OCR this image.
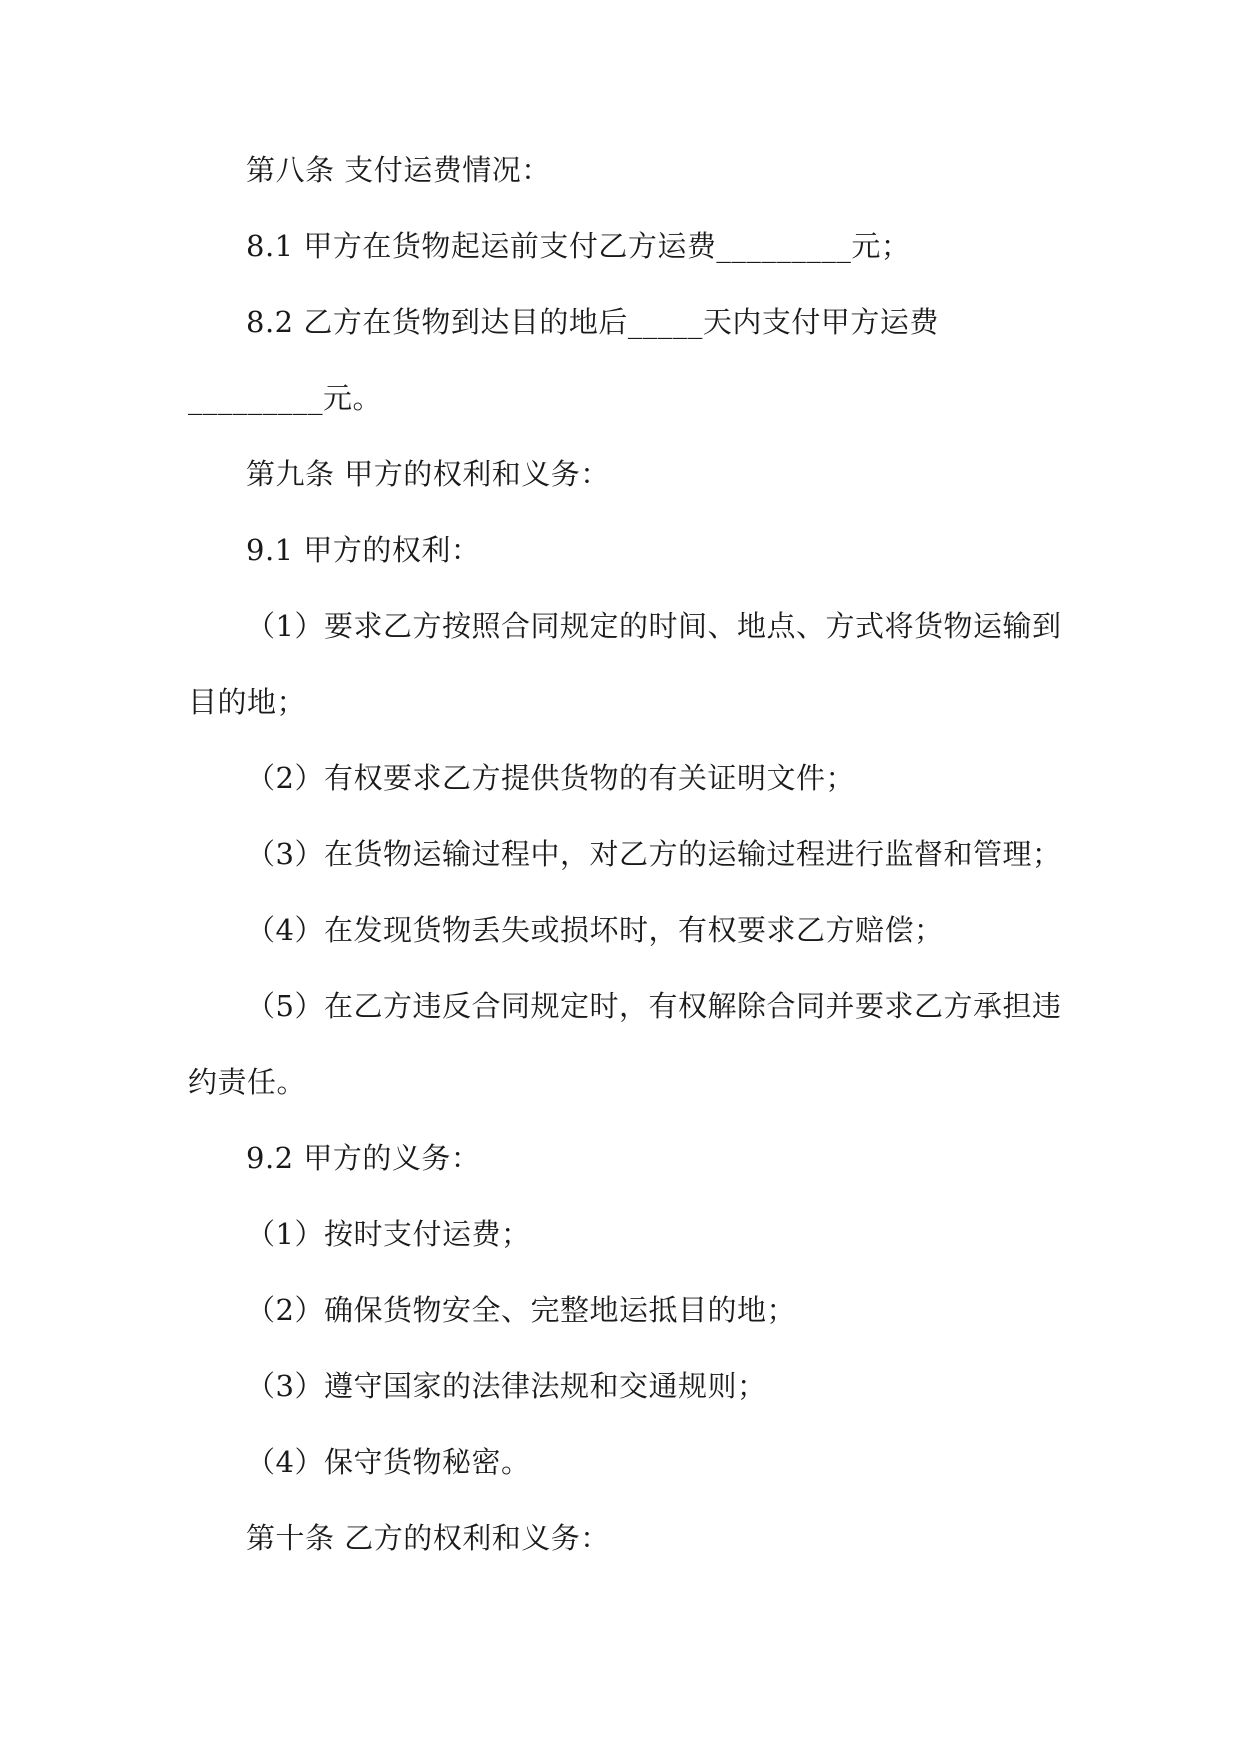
第八条 支付运费情况：
8.1 甲方在货物起运前支付乙方运费_________元；
8.2 乙方在货物到达目的地后_____天内支付甲方运费
_________元。
第九条 甲方的权利和义务：
9.1 甲方的权利：
（1）要求乙方按照合同规定的时间、地点、方式将货物运输到
目的地；
（2）有权要求乙方提供货物的有关证明文件；
（3）在货物运输过程中，对乙方的运输过程进行监督和管理；
（4）在发现货物丢失或损坏时，有权要求乙方赔偿；
（5）在乙方违反合同规定时，有权解除合同并要求乙方承担违
约责任。
9.2 甲方的义务：
（1）按时支付运费；
（2）确保货物安全、完整地运抵目的地；
（3）遵守国家的法律法规和交通规则；
（4）保守货物秘密。
第十条 乙方的权利和义务：
